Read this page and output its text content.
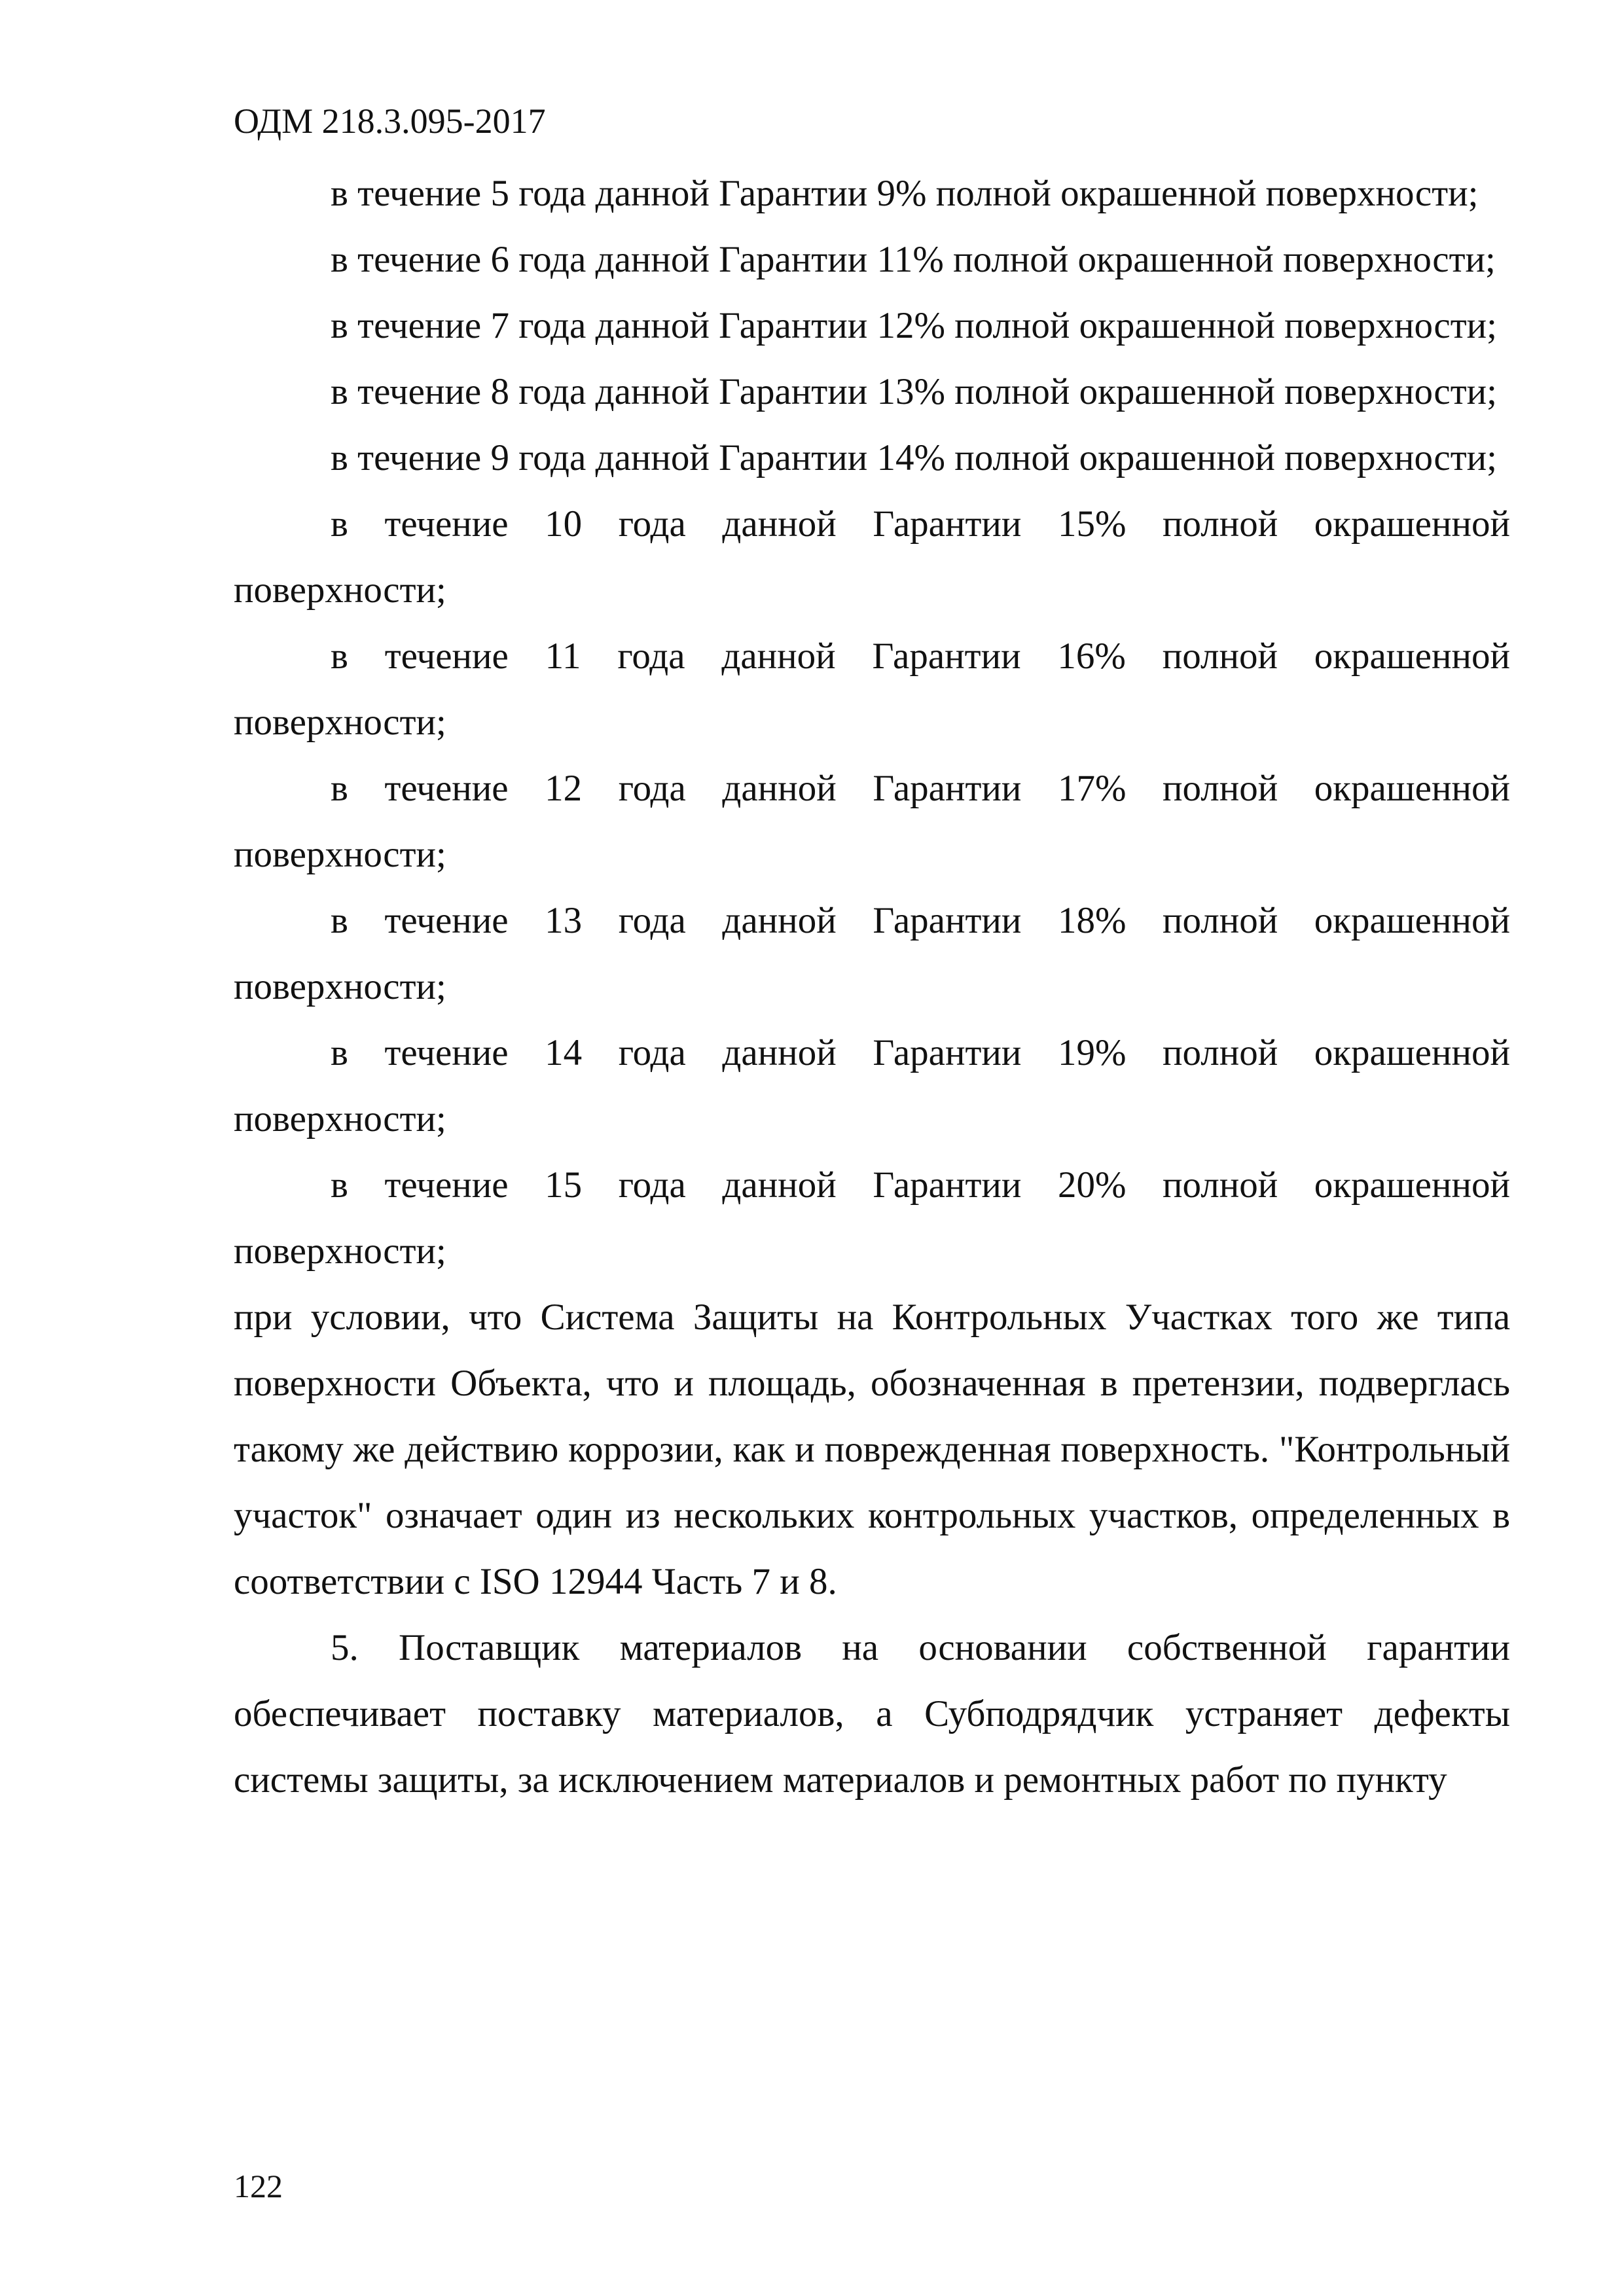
ОДМ 218.3.095-2017

в течение 5 года данной Гарантии 9% полной окрашенной поверхности;

в течение 6 года данной Гарантии 11% полной окрашенной поверхности;

в течение 7 года данной Гарантии 12% полной окрашенной поверхности;

в течение 8 года данной Гарантии 13% полной окрашенной поверхности;

в течение 9 года данной Гарантии 14% полной окрашенной поверхности;

в течение 10 года данной Гарантии 15% полной окрашенной поверхности;

в течение 11 года данной Гарантии 16% полной окрашенной поверхности;

в течение 12 года данной Гарантии 17% полной окрашенной поверхности;

в течение 13 года данной Гарантии 18% полной окрашенной поверхности;

в течение 14 года данной Гарантии 19% полной окрашенной поверхности;

в течение 15 года данной Гарантии 20% полной окрашенной поверхности;

при условии, что Система Защиты на Контрольных Участках того же типа поверхности Объекта, что и площадь, обозначенная в претензии, подверглась такому же действию коррозии, как и поврежденная поверхность. "Контрольный участок" означает один из нескольких контрольных участков, определенных в соответствии с ISO 12944 Часть 7 и 8.

5. Поставщик материалов на основании собственной гарантии обеспечивает поставку материалов, а Субподрядчик устраняет дефекты системы защиты, за исключением материалов и ремонтных работ по пункту

122
